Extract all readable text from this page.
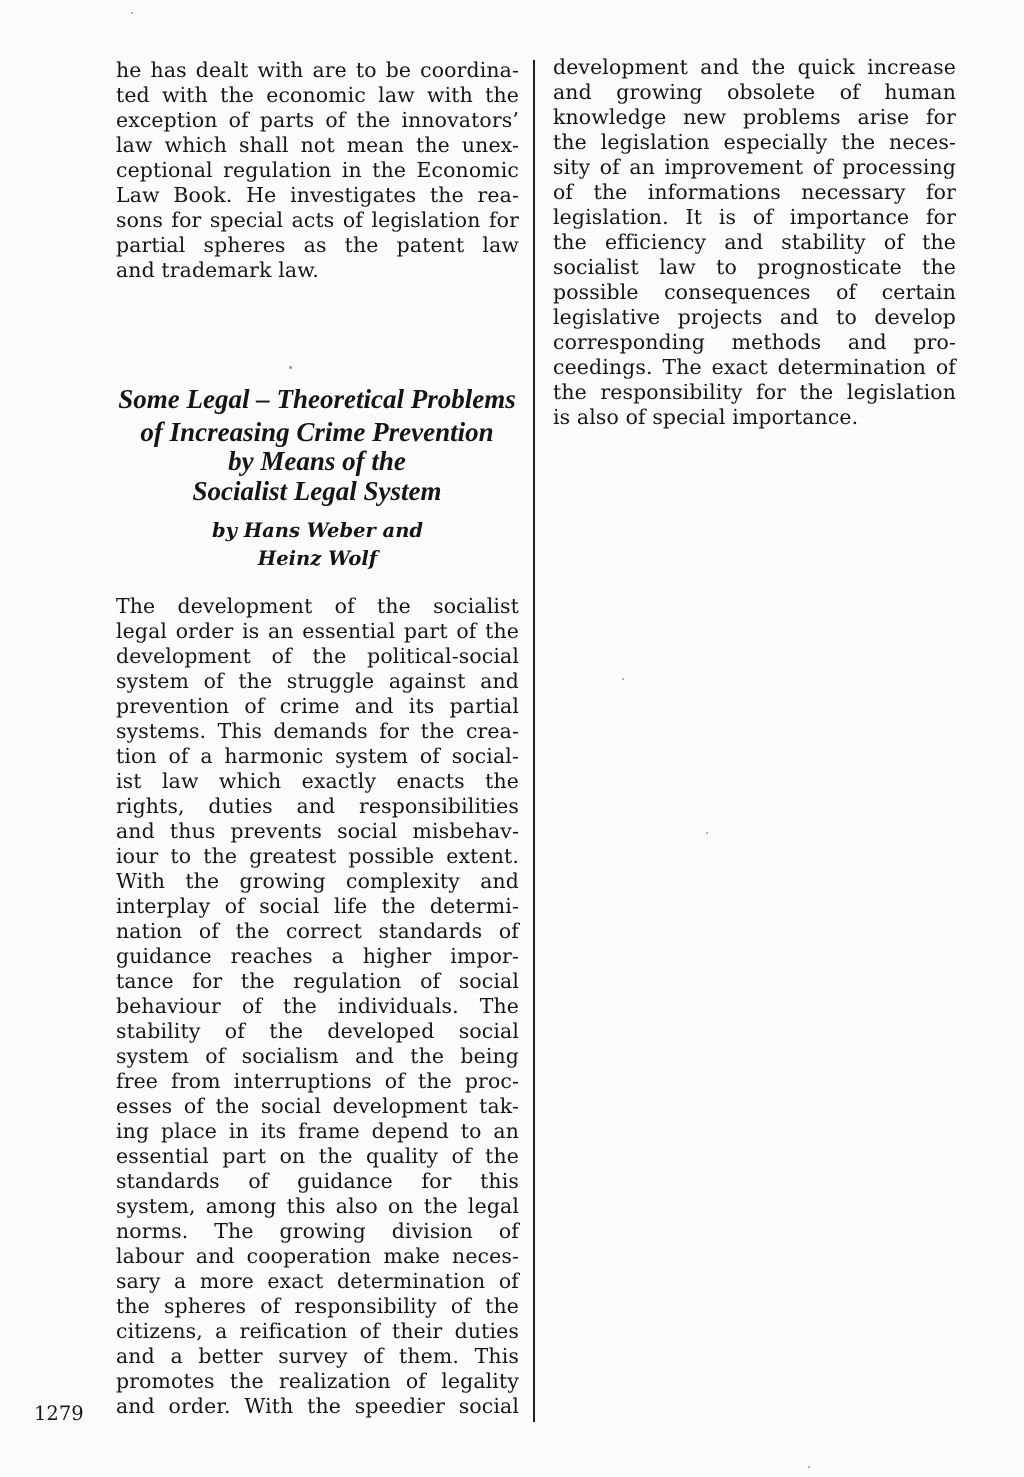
he has dealt with are to be coordina-

ted with the economic law with the

exception of parts of the innovators’

law which shall not mean the unex-

ceptional regulation in the Economic

Law Book. He investigates the rea-

sons for special acts of legislation for

partial spheres as the patent law

and trademark law.

Some Legal – Theoretical Problems

of Increasing Crime Prevention

by Means of the

Socialist Legal System

by Hans Weber and

Heinz Wolf

The development of the socialist

legal order is an essential part of the

development of the political-social

system of the struggle against and

prevention of crime and its partial

systems. This demands for the crea-

tion of a harmonic system of social-

ist law which exactly enacts the

rights, duties and responsibilities

and thus prevents social misbehav-

iour to the greatest possible extent.

With the growing complexity and

interplay of social life the determi-

nation of the correct standards of

guidance reaches a higher impor-

tance for the regulation of social

behaviour of the individuals. The

stability of the developed social

system of socialism and the being

free from interruptions of the proc-

esses of the social development tak-

ing place in its frame depend to an

essential part on the quality of the

standards of guidance for this

system, among this also on the legal

norms. The growing division of

labour and cooperation make neces-

sary a more exact determination of

the spheres of responsibility of the

citizens, a reification of their duties

and a better survey of them. This

promotes the realization of legality

and order. With the speedier social

development and the quick increase

and growing obsolete of human

knowledge new problems arise for

the legislation especially the neces-

sity of an improvement of processing

of the informations necessary for

legislation. It is of importance for

the efficiency and stability of the

socialist law to prognosticate the

possible consequences of certain

legislative projects and to develop

corresponding methods and pro-

ceedings. The exact determination of

the responsibility for the legislation

is also of special importance.

1279
